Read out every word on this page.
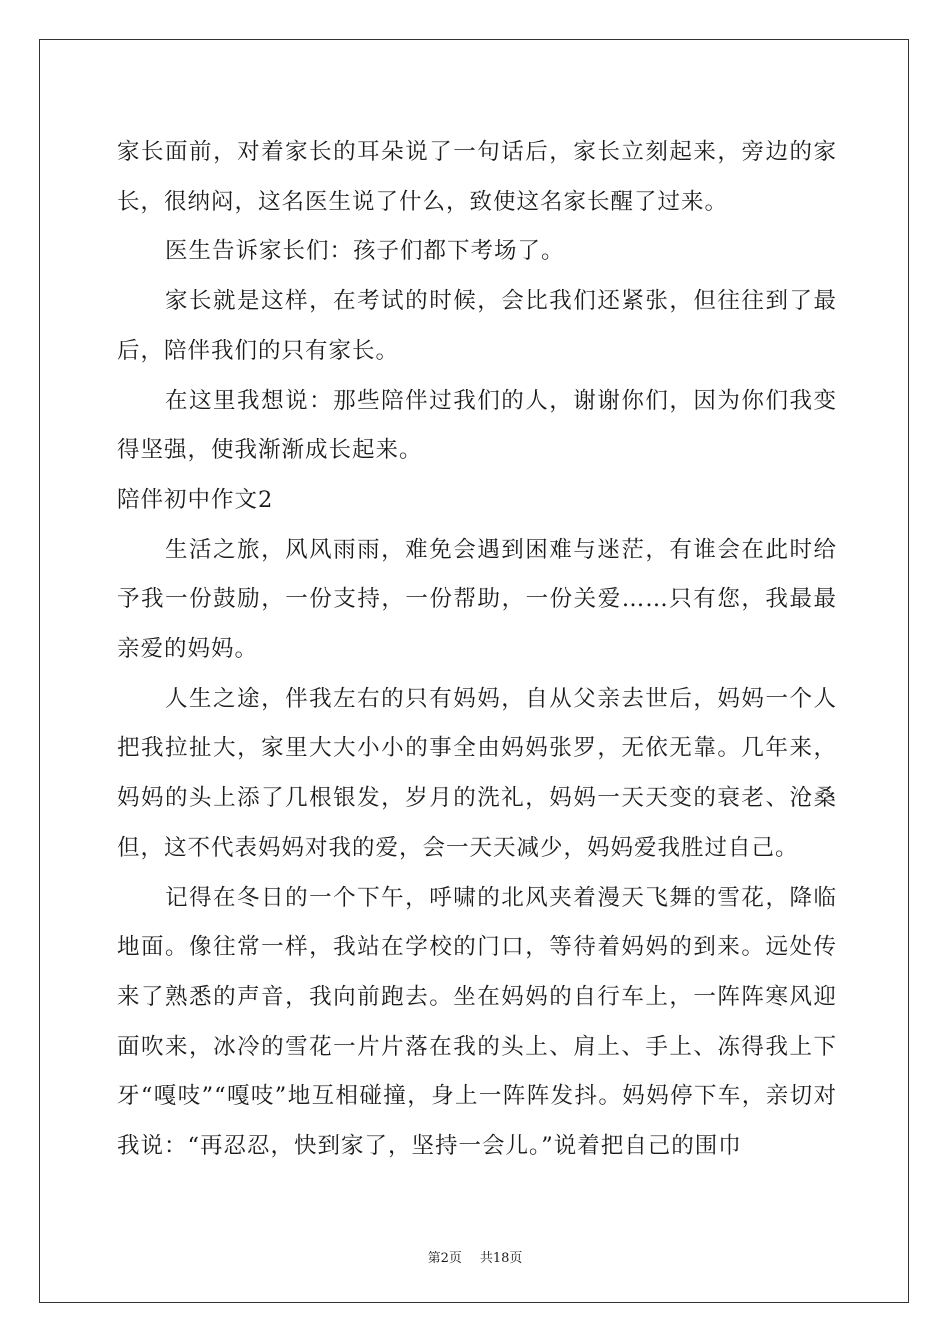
家长面前，对着家长的耳朵说了一句话后，家长立刻起来，旁边的家长，很纳闷，这名医生说了什么，致使这名家长醒了过来。

医生告诉家长们：孩子们都下考场了。

家长就是这样，在考试的时候，会比我们还紧张，但往往到了最后，陪伴我们的只有家长。

在这里我想说：那些陪伴过我们的人，谢谢你们，因为你们我变得坚强，使我渐渐成长起来。

陪伴初中作文2

生活之旅，风风雨雨，难免会遇到困难与迷茫，有谁会在此时给予我一份鼓励，一份支持，一份帮助，一份关爱……只有您，我最最亲爱的妈妈。

人生之途，伴我左右的只有妈妈，自从父亲去世后，妈妈一个人把我拉扯大，家里大大小小的事全由妈妈张罗，无依无靠。几年来，妈妈的头上添了几根银发，岁月的洗礼，妈妈一天天变的衰老、沧桑但，这不代表妈妈对我的爱，会一天天减少，妈妈爱我胜过自己。

记得在冬日的一个下午，呼啸的北风夹着漫天飞舞的雪花，降临地面。像往常一样，我站在学校的门口，等待着妈妈的到来。远处传来了熟悉的声音，我向前跑去。坐在妈妈的自行车上，一阵阵寒风迎面吹来，冰冷的雪花一片片落在我的头上、肩上、手上、冻得我上下牙“嘎吱”“嘎吱”地互相碰撞，身上一阵阵发抖。妈妈停下车，亲切对我说：“再忍忍，快到家了，坚持一会儿。”说着把自己的围巾

第2页 共18页
